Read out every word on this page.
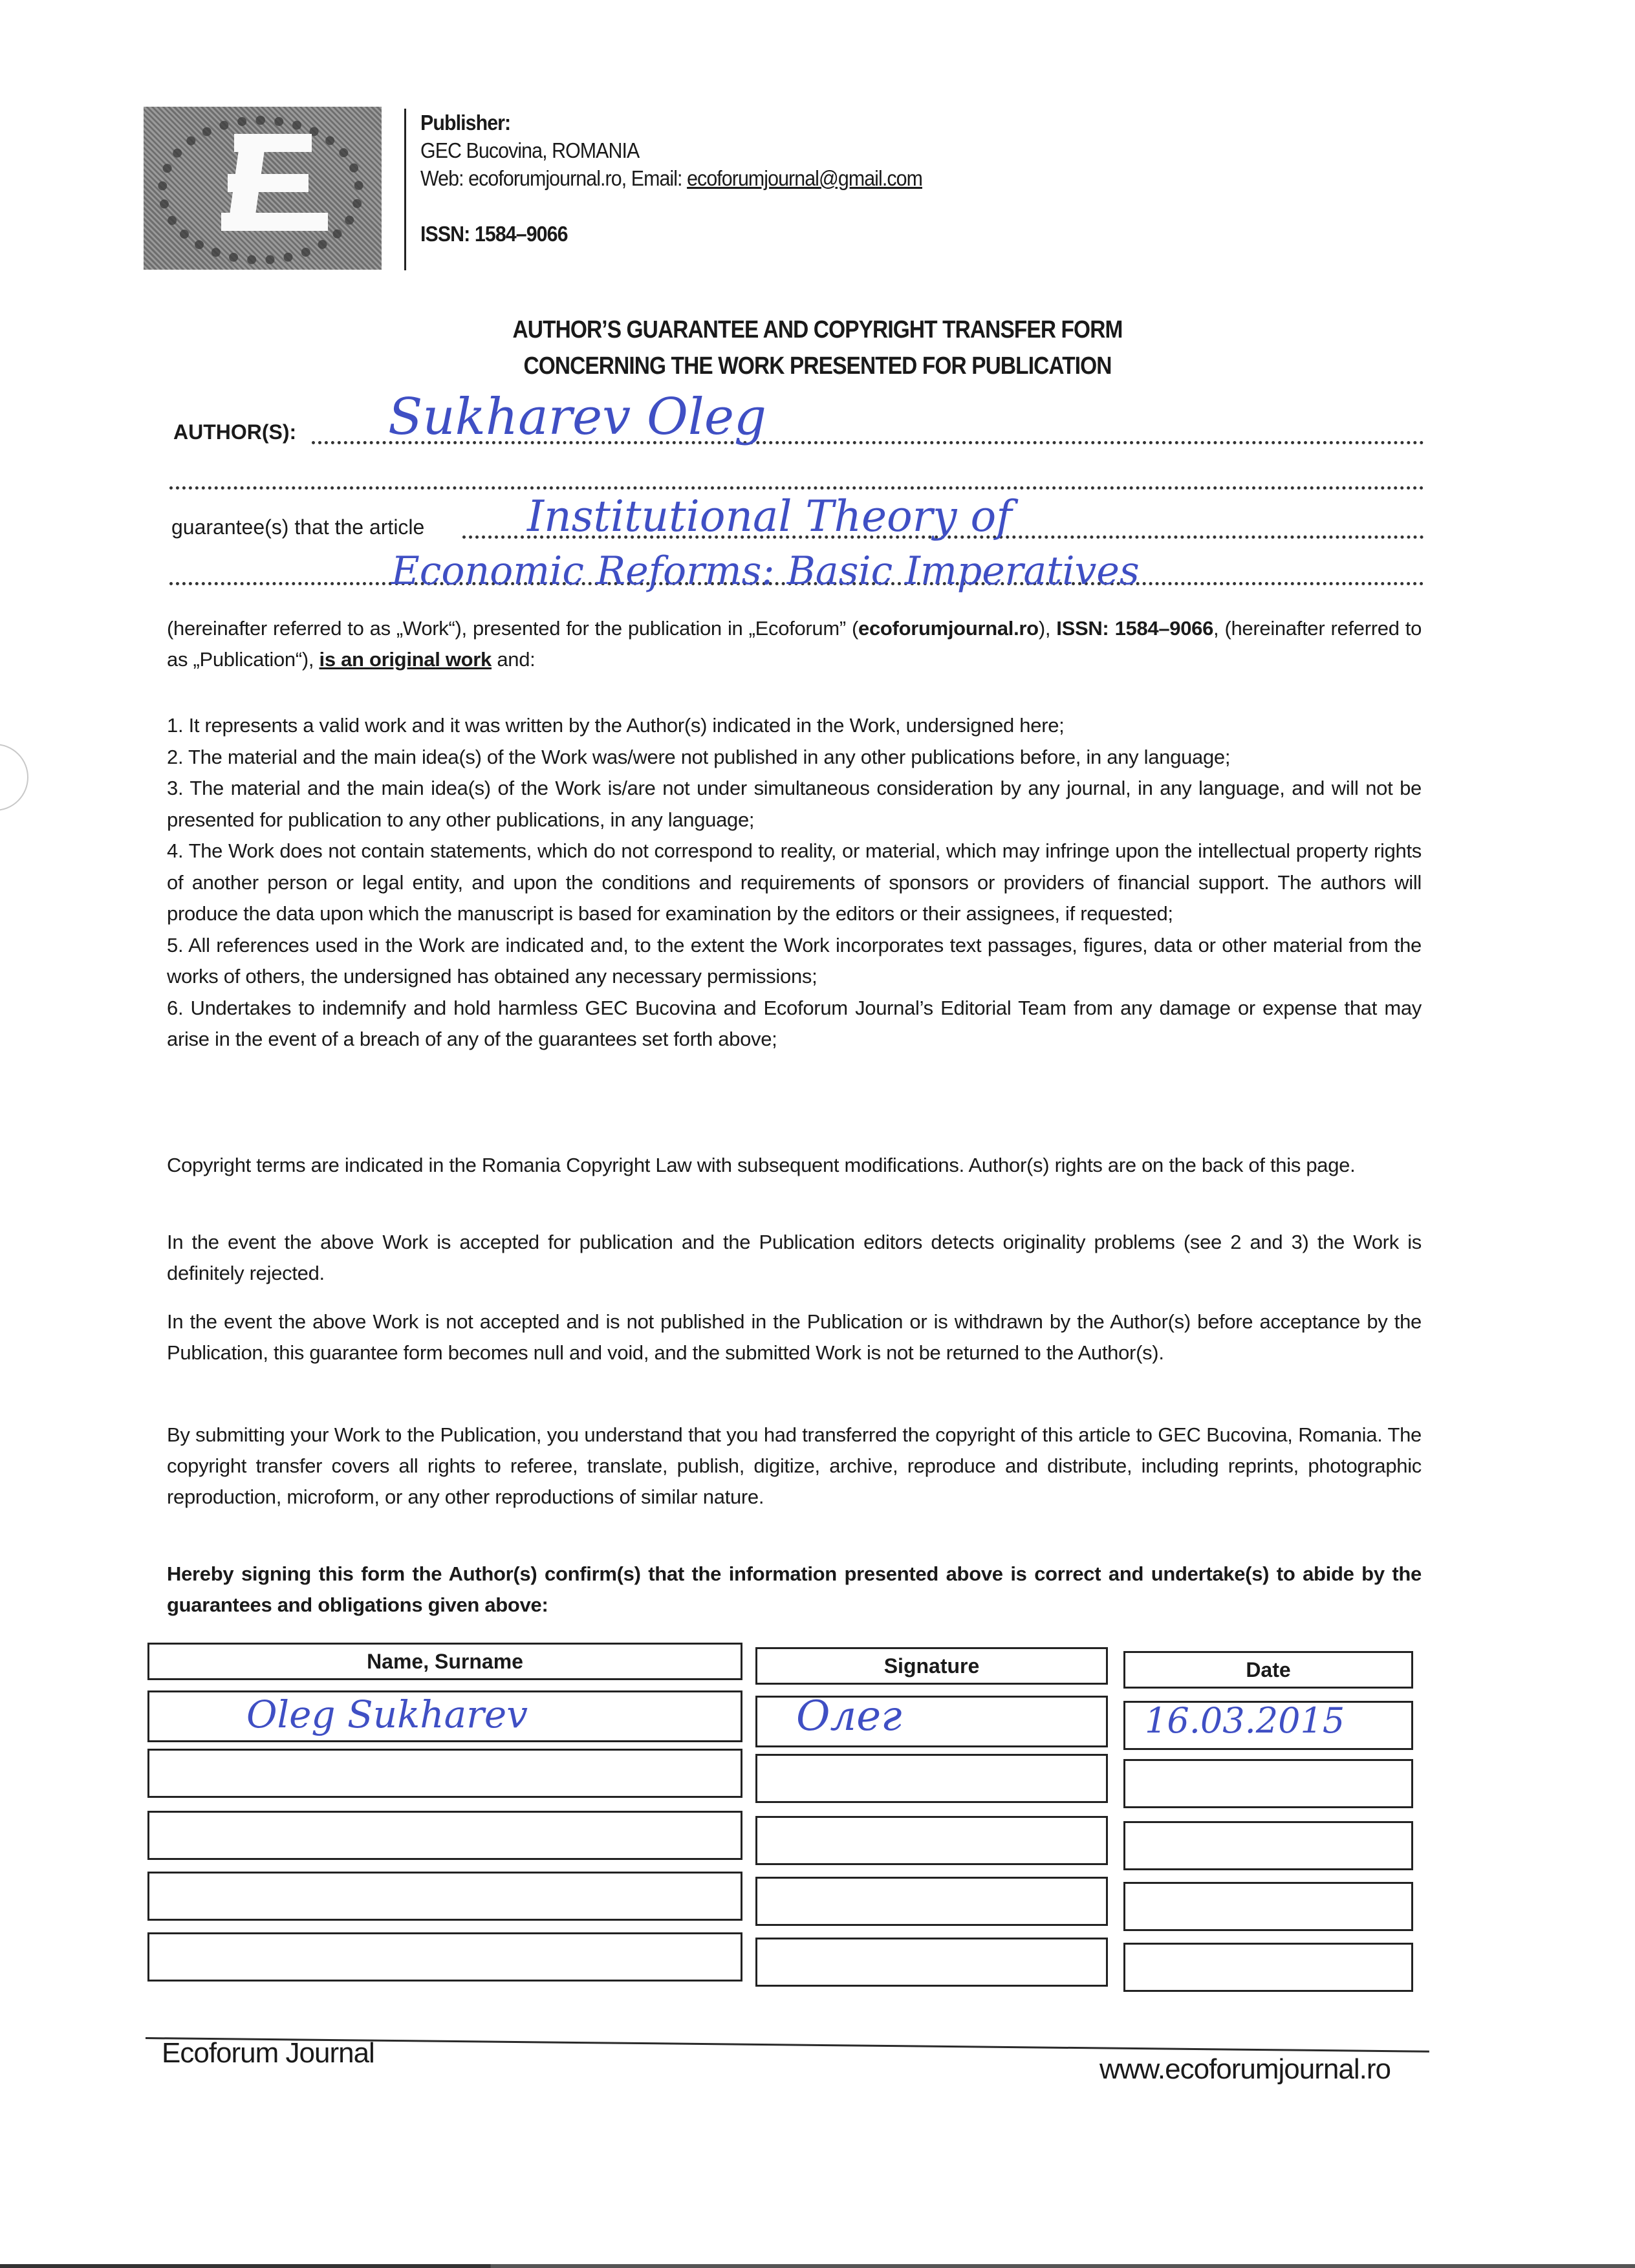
Publisher:
GEC Bucovina, ROMANIA
Web: ecoforumjournal.ro, Email: ecoforumjournal@gmail.com
ISSN: 1584–9066
AUTHOR’S GUARANTEE AND COPYRIGHT TRANSFER FORM
CONCERNING THE WORK PRESENTED FOR PUBLICATION
AUTHOR(S): Sukharev Oleg
guarantee(s) that the article Institutional Theory of
Economic Reforms: Basic Imperatives
(hereinafter referred to as „Work“), presented for the publication in „Ecoforum” (ecoforumjournal.ro), ISSN: 1584–9066, (hereinafter referred to as „Publication“), is an original work and:

1. It represents a valid work and it was written by the Author(s) indicated in the Work, undersigned here;

2. The material and the main idea(s) of the Work was/were not published in any other publications before, in any language;

3. The material and the main idea(s) of the Work is/are not under simultaneous consideration by any journal, in any language, and will not be presented for publication to any other publications, in any language;

4. The Work does not contain statements, which do not correspond to reality, or material, which may infringe upon the intellectual property rights of another person or legal entity, and upon the conditions and requirements of sponsors or providers of financial support. The authors will produce the data upon which the manuscript is based for examination by the editors or their assignees, if requested;

5. All references used in the Work are indicated and, to the extent the Work incorporates text passages, figures, data or other material from the works of others, the undersigned has obtained any necessary permissions;

6. Undertakes to indemnify and hold harmless GEC Bucovina and Ecoforum Journal’s Editorial Team from any damage or expense that may arise in the event of a breach of any of the guarantees set forth above;

Copyright terms are indicated in the Romania Copyright Law with subsequent modifications. Author(s) rights are on the back of this page.
In the event the above Work is accepted for publication and the Publication editors detects originality problems (see 2 and 3) the Work is definitely rejected.
In the event the above Work is not accepted and is not published in the Publication or is withdrawn by the Author(s) before acceptance by the Publication, this guarantee form becomes null and void, and the submitted Work is not be returned to the Author(s).
By submitting your Work to the Publication, you understand that you had transferred the copyright of this article to GEC Bucovina, Romania. The copyright transfer covers all rights to referee, translate, publish, digitize, archive, reproduce and distribute, including reprints, photographic reproduction, microform, or any other reproductions of similar nature.
Hereby signing this form the Author(s) confirm(s) that the information presented above is correct and undertake(s) to abide by the guarantees and obligations given above:
Name, Surname	Signature	Date
Oleg Sukharev	Олег	16.03.2015
Ecoforum Journal
www.ecoforumjournal.ro
